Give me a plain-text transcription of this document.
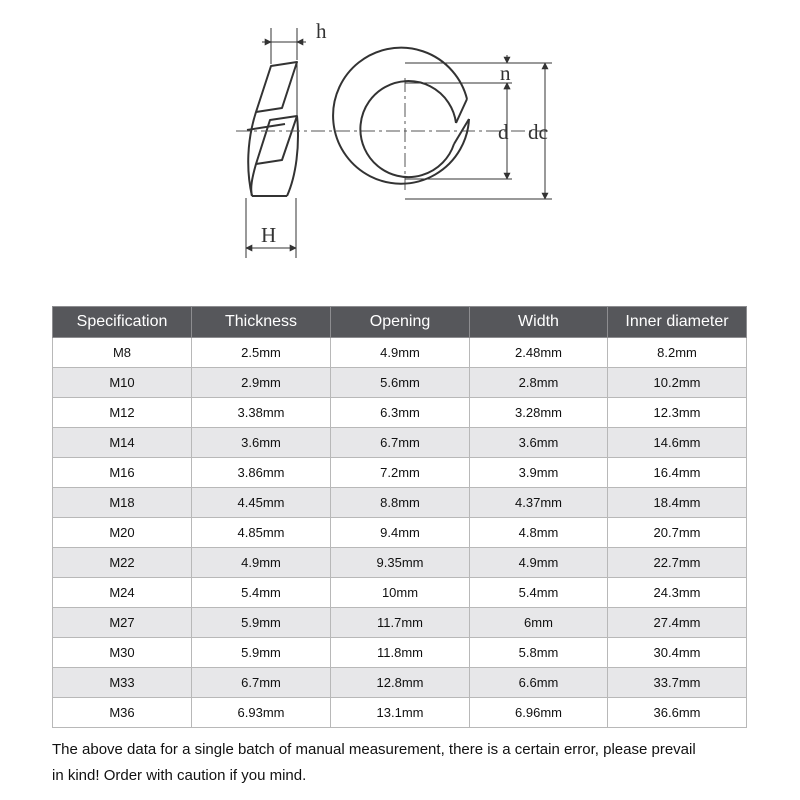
h
H
n
d dc
Specification	Thickness	Opening	Width	Inner diameter
M8	2.5mm	4.9mm	2.48mm	8.2mm
M10	2.9mm	5.6mm	2.8mm	10.2mm
M12	3.38mm	6.3mm	3.28mm	12.3mm
M14	3.6mm	6.7mm	3.6mm	14.6mm
M16	3.86mm	7.2mm	3.9mm	16.4mm
M18	4.45mm	8.8mm	4.37mm	18.4mm
M20	4.85mm	9.4mm	4.8mm	20.7mm
M22	4.9mm	9.35mm	4.9mm	22.7mm
M24	5.4mm	10mm	5.4mm	24.3mm
M27	5.9mm	11.7mm	6mm	27.4mm
M30	5.9mm	11.8mm	5.8mm	30.4mm
M33	6.7mm	12.8mm	6.6mm	33.7mm
M36	6.93mm	13.1mm	6.96mm	36.6mm
The above data for a single batch of manual measurement, there is a certain error, please prevail
in kind! Order with caution if you mind.
